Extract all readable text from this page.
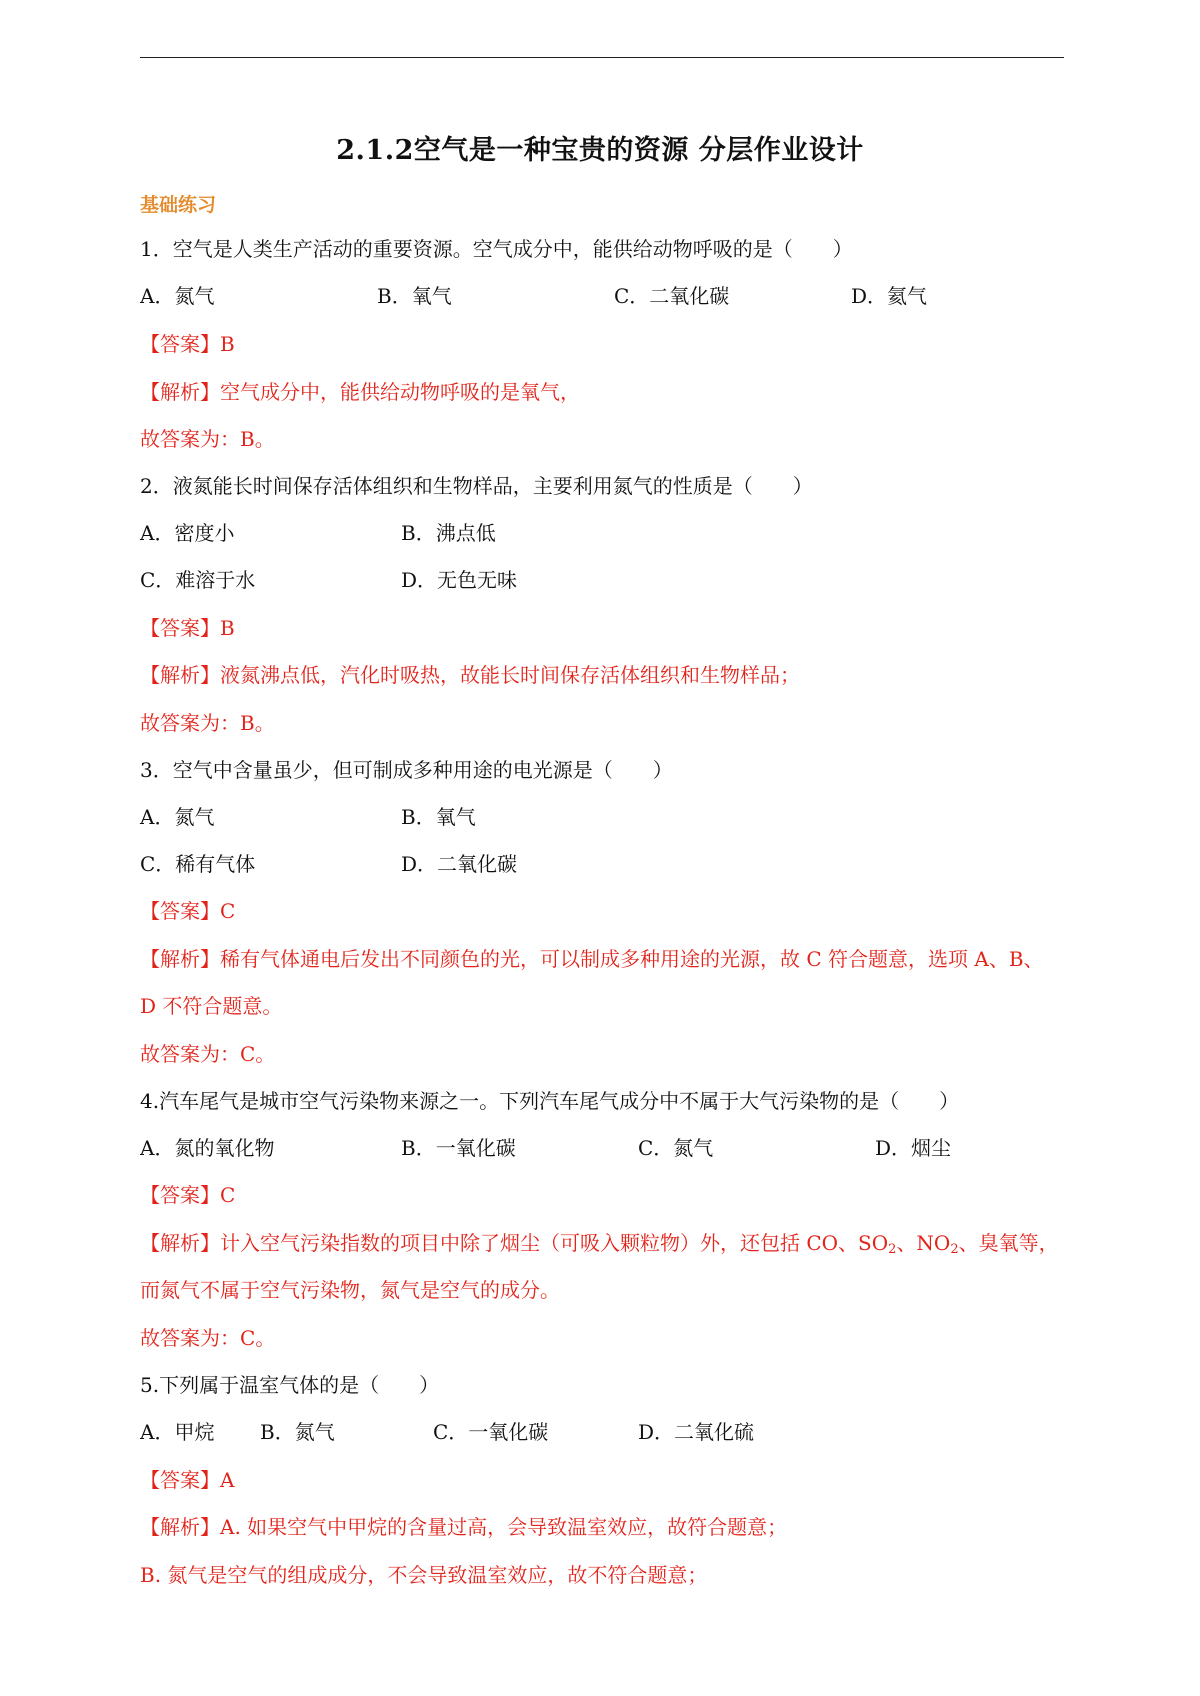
2.1.2空气是一种宝贵的资源 分层作业设计
基础练习
1．空气是人类生产活动的重要资源。空气成分中，能供给动物呼吸的是（　　）
A．氮气	B．氧气	C．二氧化碳	D．氦气
【答案】B
【解析】空气成分中，能供给动物呼吸的是氧气，
故答案为：B。
2．液氮能长时间保存活体组织和生物样品，主要利用氮气的性质是（　　）
A．密度小	B．沸点低
C．难溶于水	D．无色无味
【答案】B
【解析】液氮沸点低，汽化时吸热，故能长时间保存活体组织和生物样品；
故答案为：B。
3．空气中含量虽少，但可制成多种用途的电光源是（　　）
A．氮气	B．氧气
C．稀有气体	D．二氧化碳
【答案】C
【解析】稀有气体通电后发出不同颜色的光，可以制成多种用途的光源，故 C 符合题意，选项 A、B、
D 不符合题意。
故答案为：C。
4.汽车尾气是城市空气污染物来源之一。下列汽车尾气成分中不属于大气污染物的是（　　）
A．氮的氧化物	B．一氧化碳	C．氮气	D．烟尘
【答案】C
【解析】计入空气污染指数的项目中除了烟尘（可吸入颗粒物）外，还包括 CO、$SO_2$、$NO_2$、臭氧等，
而氮气不属于空气污染物，氮气是空气的成分。
故答案为：C。
5.下列属于温室气体的是（　　）
A．甲烷 B．氮气	C．一氧化碳	D．二氧化硫
【答案】A
【解析】A. 如果空气中甲烷的含量过高，会导致温室效应，故符合题意；
B. 氮气是空气的组成成分，不会导致温室效应，故不符合题意；
